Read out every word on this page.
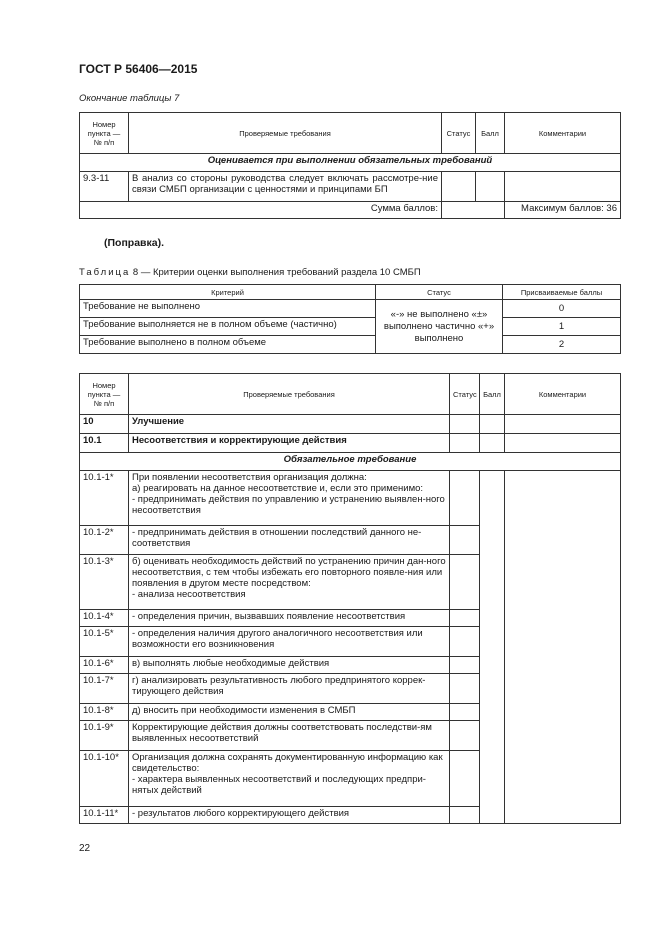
ГОСТ Р 56406—2015
Окончание таблицы 7
Номер пункта — № п/п	Проверяемые требования	Статус	Балл	Комментарии
Оценивается при выполнении обязательных требований				
9.3-11	В анализ со стороны руководства следует включать рассмотре-ние связи СМБП организации с ценностями и принципами БП			
Сумма баллов:				Максимум баллов: 36
(Поправка).
Таблица 8 — Критерии оценки выполнения требований раздела 10 СМБП
Критерий	Статус	Присваиваемые баллы
Требование не выполнено	«-» не выполнено «±» выполнено частично «+» выполнено	0
Требование выполняется не в полном объеме (частично)		1
Требование выполнено в полном объеме		2
Номер пункта — № п/п	Проверяемые требования	Статус	Балл	Комментарии
10	Улучшение			
10.1	Несоответствия и корректирующие действия			
Обязательное требование				
10.1-1*	При появлении несоответствия организация должна:
а) реагировать на данное несоответствие и, если это применимо:
- предпринимать действия по управлению и устранению выявлен-ного несоответствия			
10.1-2*	- предпринимать действия в отношении последствий данного не-соответствия			
10.1-3*	б) оценивать необходимость действий по устранению причин дан-ного несоответствия, с тем чтобы избежать его повторного появле-ния или появления в другом месте посредством:
- анализа несоответствия			
10.1-4*	- определения причин, вызвавших появление несоответствия			
10.1-5*	- определения наличия другого аналогичного несоответствия или возможности его возникновения			
10.1-6*	в) выполнять любые необходимые действия			
10.1-7*	г) анализировать результативность любого предпринятого коррек-тирующего действия			
10.1-8*	д) вносить при необходимости изменения в СМБП			
10.1-9*	Корректирующие действия должны соответствовать последстви-ям выявленных несоответствий			
10.1-10*	Организация должна сохранять документированную информацию как свидетельство:
- характера выявленных несоответствий и последующих предпри-нятых действий			
10.1-11*	- результатов любого корректирующего действия			
22
